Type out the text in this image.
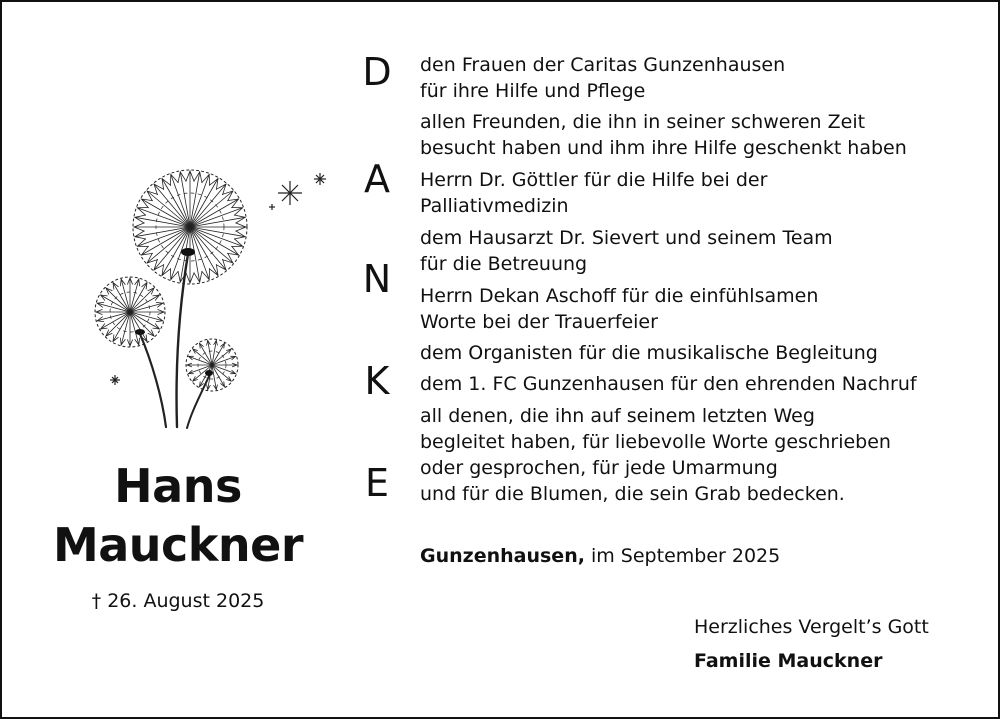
Hans
Mauckner
† 26. August 2025
D
A
N
K
E
den Frauen der Caritas Gunzenhausen
für ihre Hilfe und Pflege
allen Freunden, die ihn in seiner schweren Zeit
besucht haben und ihm ihre Hilfe geschenkt haben
Herrn Dr. Göttler für die Hilfe bei der
Palliativmedizin
dem Hausarzt Dr. Sievert und seinem Team
für die Betreuung
Herrn Dekan Aschoff für die einfühlsamen
Worte bei der Trauerfeier
dem Organisten für die musikalische Begleitung
dem 1. FC Gunzenhausen für den ehrenden Nachruf
all denen, die ihn auf seinem letzten Weg
begleitet haben, für liebevolle Worte geschrieben
oder gesprochen, für jede Umarmung
und für die Blumen, die sein Grab bedecken.
Gunzenhausen, im September 2025
Herzliches Vergelt’s Gott
Familie Mauckner
